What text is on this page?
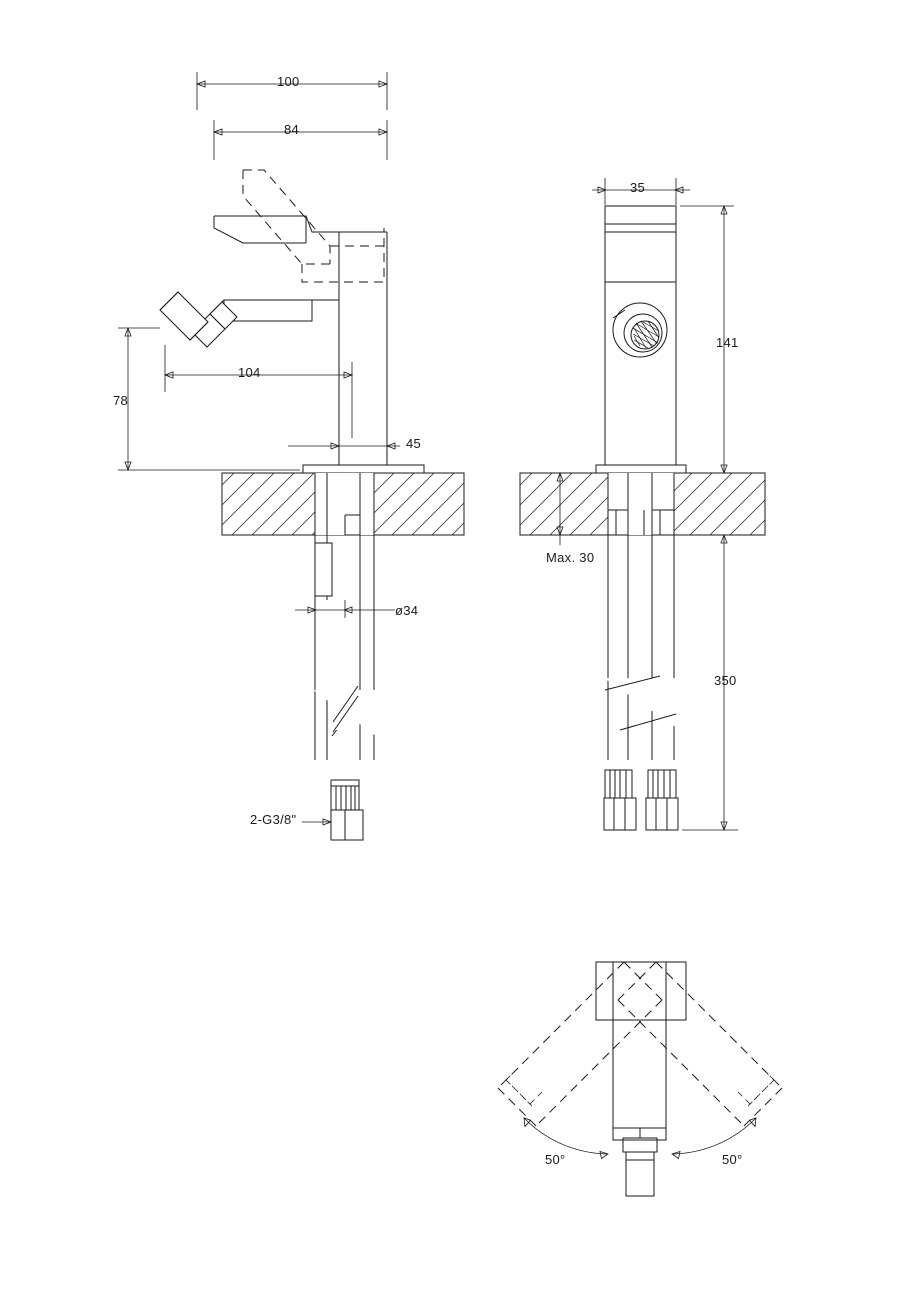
100
84
104
78
45
ø34
2-G3/8"
35
141
Max. 30
350
50°	50°
